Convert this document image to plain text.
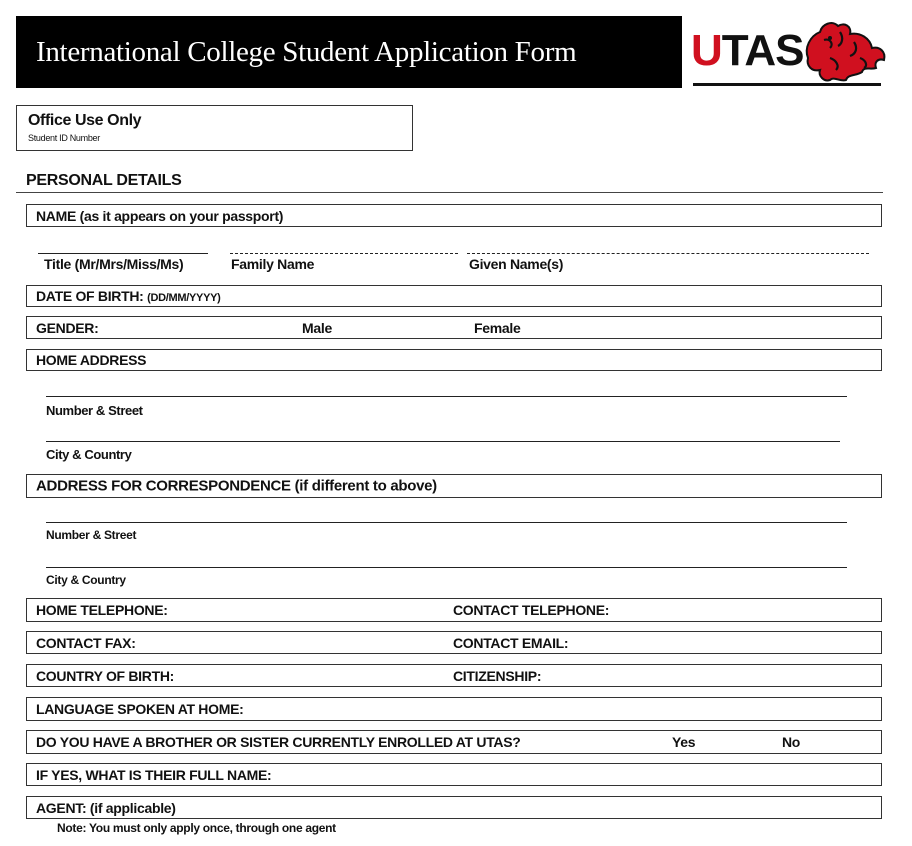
International College Student Application Form	UTAS
Office Use Only
Student ID Number
PERSONAL DETAILS
NAME (as it appears on your passport)
Title (Mr/Mrs/Miss/Ms)	Family Name	Given Name(s)
DATE OF BIRTH: (DD/MM/YYYY)
GENDER:	Male	Female
HOME ADDRESS
Number & Street
City & Country
ADDRESS FOR CORRESPONDENCE (if different to above)
Number & Street
City & Country
HOME TELEPHONE:	CONTACT TELEPHONE:
CONTACT FAX:	CONTACT EMAIL:
COUNTRY OF BIRTH:	CITIZENSHIP:
LANGUAGE SPOKEN AT HOME:
DO YOU HAVE A BROTHER OR SISTER CURRENTLY ENROLLED AT UTAS?	Yes	No
IF YES, WHAT IS THEIR FULL NAME:
AGENT: (if applicable)
Note: You must only apply once, through one agent
